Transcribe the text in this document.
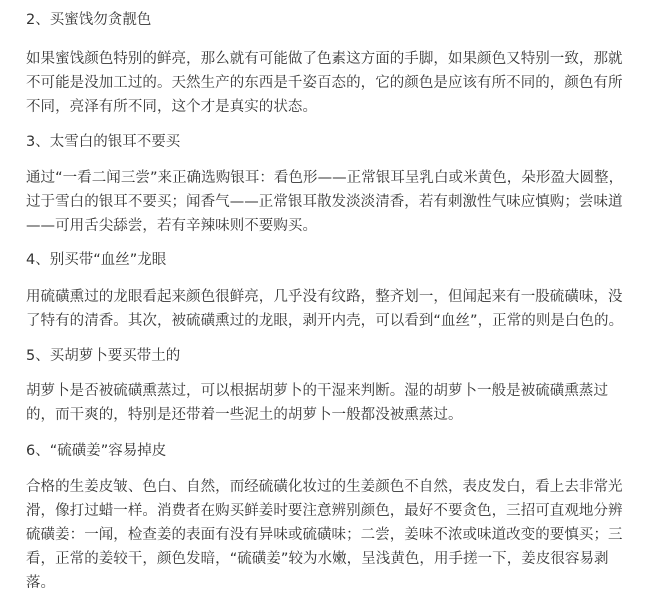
2、买蜜饯勿贪靓色

如果蜜饯颜色特别的鲜亮，那么就有可能做了色素这方面的手脚，如果颜色又特别一致，那就
不可能是没加工过的。天然生产的东西是千姿百态的，它的颜色是应该有所不同的，颜色有所
不同，亮泽有所不同，这个才是真实的状态。

3、太雪白的银耳不要买

通过“一看二闻三尝”来正确选购银耳：看色形——正常银耳呈乳白或米黄色，朵形盈大圆整，
过于雪白的银耳不要买；闻香气——正常银耳散发淡淡清香，若有刺激性气味应慎购；尝味道
——可用舌尖舔尝，若有辛辣味则不要购买。

4、别买带“血丝”龙眼

用硫磺熏过的龙眼看起来颜色很鲜亮，几乎没有纹路，整齐划一，但闻起来有一股硫磺味，没
了特有的清香。其次，被硫磺熏过的龙眼，剥开内壳，可以看到“血丝”，正常的则是白色的。

5、买胡萝卜要买带土的

胡萝卜是否被硫磺熏蒸过，可以根据胡萝卜的干湿来判断。湿的胡萝卜一般是被硫磺熏蒸过
的，而干爽的，特别是还带着一些泥土的胡萝卜一般都没被熏蒸过。

6、“硫磺姜”容易掉皮

合格的生姜皮皱、色白、自然，而经硫磺化妆过的生姜颜色不自然，表皮发白，看上去非常光
滑，像打过蜡一样。消费者在购买鲜姜时要注意辨别颜色，最好不要贪色，三招可直观地分辨
硫磺姜：一闻，检查姜的表面有没有异味或硫磺味；二尝，姜味不浓或味道改变的要慎买；三
看，正常的姜较干，颜色发暗，“硫磺姜”较为水嫩，呈浅黄色，用手搓一下，姜皮很容易剥
落。
